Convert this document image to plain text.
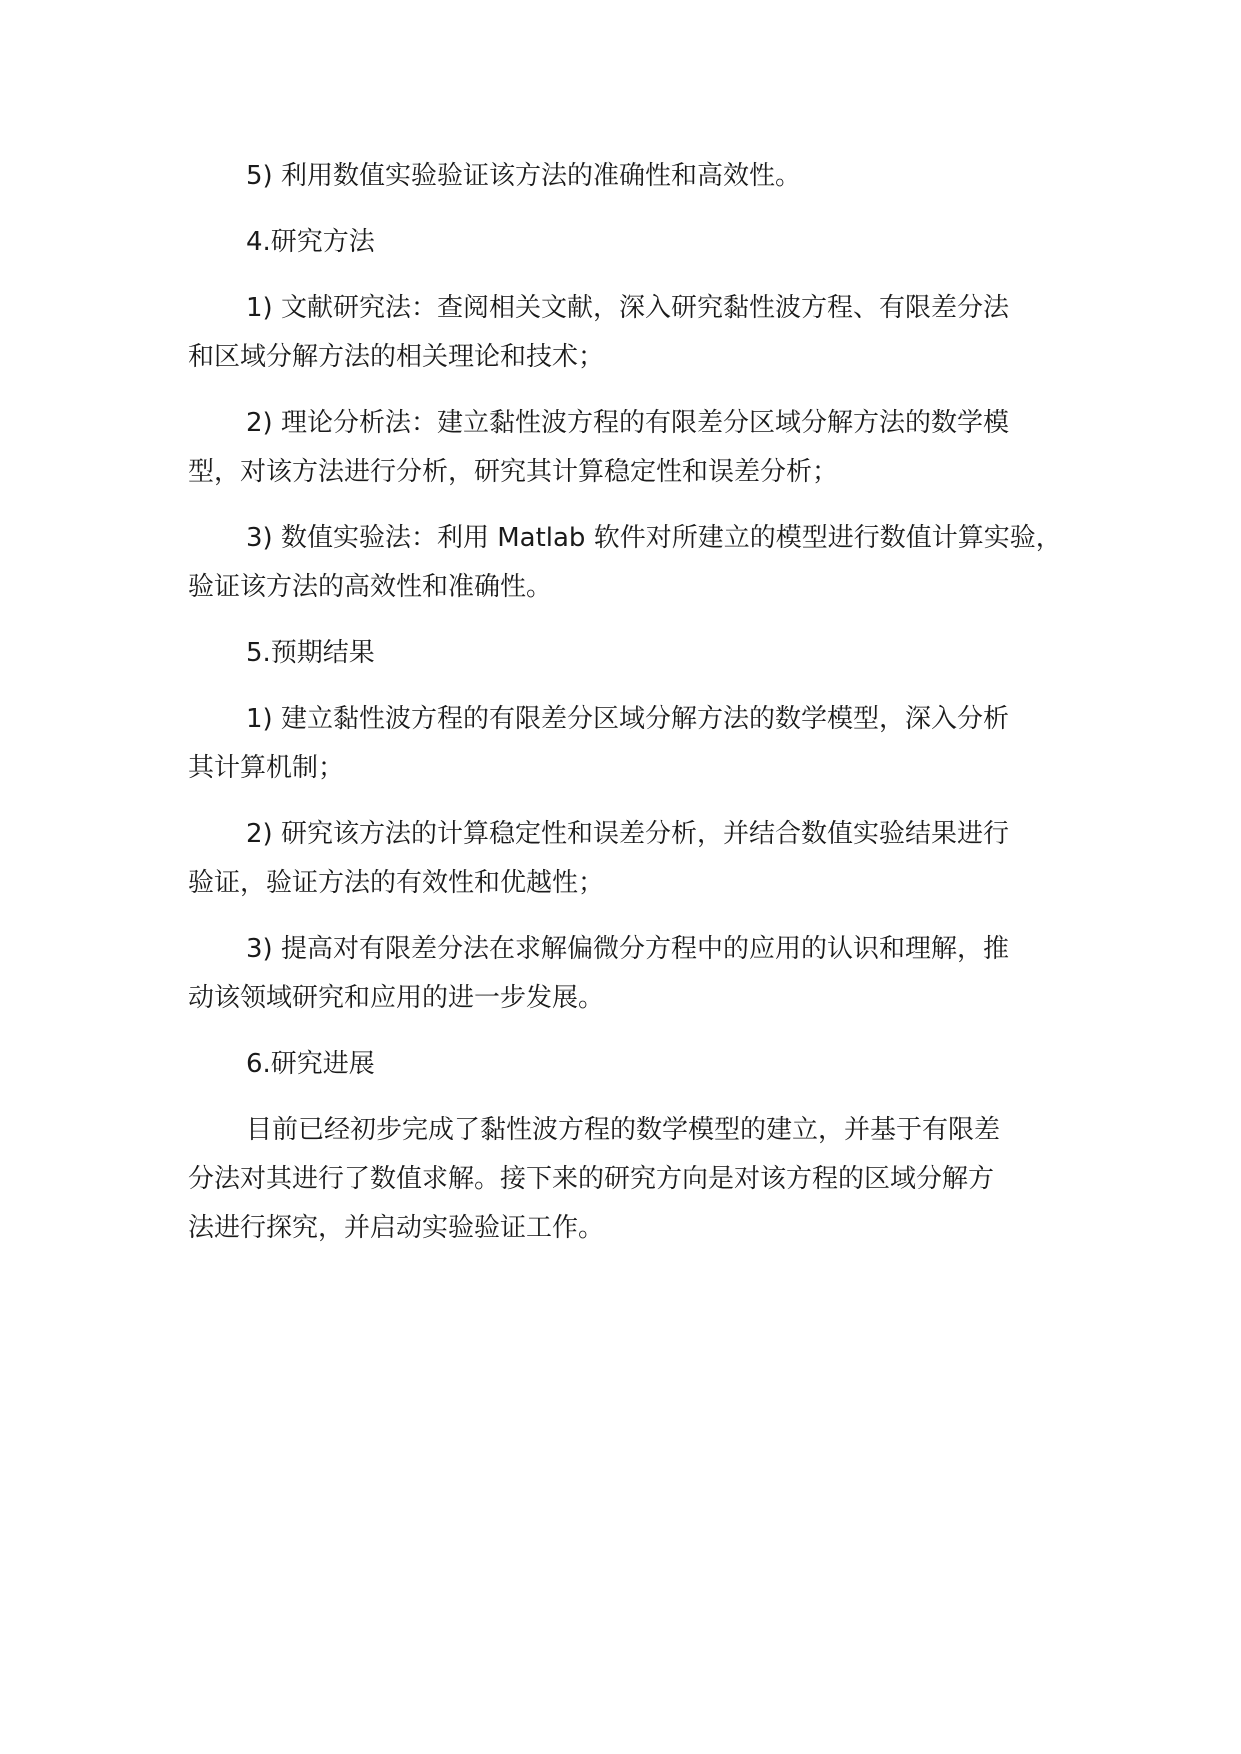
5) 利用数值实验验证该方法的准确性和高效性。

4.研究方法

1) 文献研究法：查阅相关文献，深入研究黏性波方程、有限差分法
和区域分解方法的相关理论和技术；

2) 理论分析法：建立黏性波方程的有限差分区域分解方法的数学模
型，对该方法进行分析，研究其计算稳定性和误差分析；

3) 数值实验法：利用 Matlab 软件对所建立的模型进行数值计算实验，
验证该方法的高效性和准确性。

5.预期结果

1) 建立黏性波方程的有限差分区域分解方法的数学模型，深入分析
其计算机制；

2) 研究该方法的计算稳定性和误差分析，并结合数值实验结果进行
验证，验证方法的有效性和优越性；

3) 提高对有限差分法在求解偏微分方程中的应用的认识和理解，推
动该领域研究和应用的进一步发展。

6.研究进展

目前已经初步完成了黏性波方程的数学模型的建立，并基于有限差
分法对其进行了数值求解。接下来的研究方向是对该方程的区域分解方
法进行探究，并启动实验验证工作。
